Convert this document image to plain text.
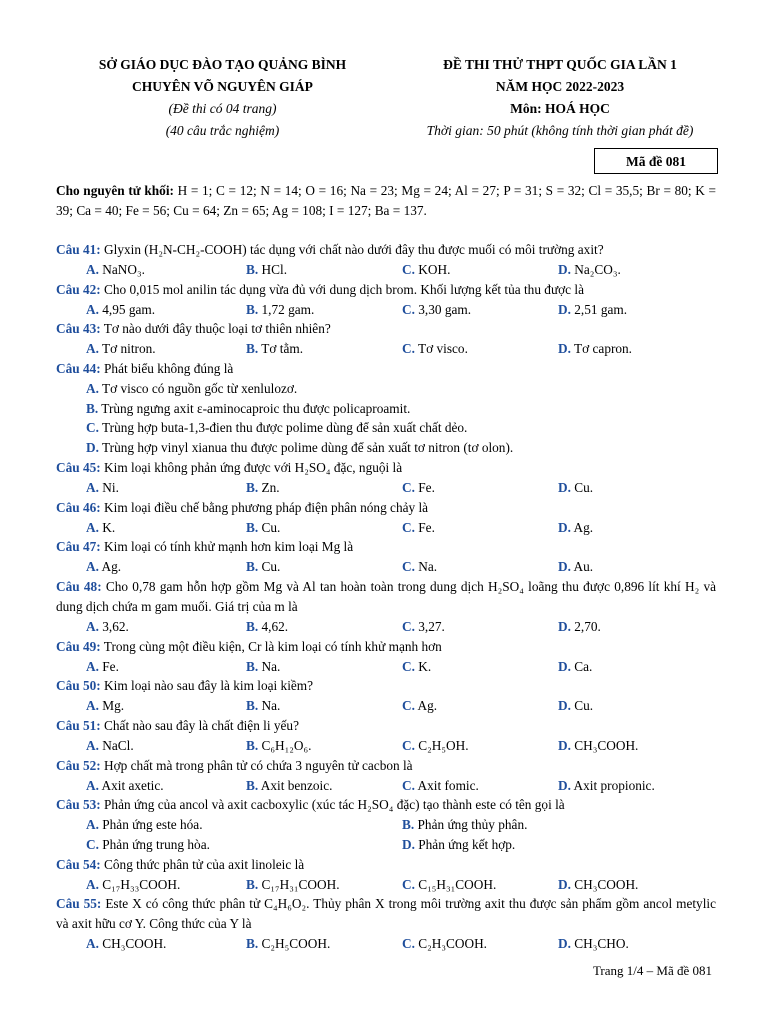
SỞ GIÁO DỤC ĐÀO TẠO QUẢNG BÌNH
CHUYÊN VÕ NGUYÊN GIÁP
(Đề thi có 04 trang)
(40 câu trắc nghiệm)
ĐỀ THI THỬ THPT QUỐC GIA LẦN 1
NĂM HỌC 2022-2023
Môn: HOÁ HỌC
Thời gian: 50 phút (không tính thời gian phát đề)
Mã đề 081
Cho nguyên tử khối: H = 1; C = 12; N = 14; O = 16; Na = 23; Mg = 24; Al = 27; P = 31; S = 32; Cl = 35,5; Br = 80; K = 39; Ca = 40; Fe = 56; Cu = 64; Zn = 65; Ag = 108; I = 127; Ba = 137.
Câu 41: Glyxin (H₂N-CH₂-COOH) tác dụng với chất nào dưới đây thu được muối có môi trường axit?
A. NaNO₃.	B. HCl.	C. KOH.	D. Na₂CO₃.
Câu 42: Cho 0,015 mol anilin tác dụng vừa đủ với dung dịch brom. Khối lượng kết tủa thu được là
A. 4,95 gam.	B. 1,72 gam.	C. 3,30 gam.	D. 2,51 gam.
Câu 43: Tơ nào dưới đây thuộc loại tơ thiên nhiên?
A. Tơ nitron.	B. Tơ tằm.	C. Tơ visco.	D. Tơ capron.
Câu 44: Phát biểu không đúng là
A. Tơ visco có nguồn gốc từ xenlulozơ.
B. Trùng ngưng axit ε-aminocaproic thu được policaproamit.
C. Trùng hợp buta-1,3-đien thu được polime dùng để sản xuất chất dẻo.
D. Trùng hợp vinyl xianua thu được polime dùng để sản xuất tơ nitron (tơ olon).
Câu 45: Kim loại không phản ứng được với H₂SO₄ đặc, nguội là
A. Ni.	B. Zn.	C. Fe.	D. Cu.
Câu 46: Kim loại điều chế bằng phương pháp điện phân nóng chảy là
A. K.	B. Cu.	C. Fe.	D. Ag.
Câu 47: Kim loại có tính khử mạnh hơn kim loại Mg là
A. Ag.	B. Cu.	C. Na.	D. Au.
Câu 48: Cho 0,78 gam hỗn hợp gồm Mg và Al tan hoàn toàn trong dung dịch H₂SO₄ loãng thu được 0,896 lít khí H₂ và dung dịch chứa m gam muối. Giá trị của m là
A. 3,62.	B. 4,62.	C. 3,27.	D. 2,70.
Câu 49: Trong cùng một điều kiện, Cr là kim loại có tính khử mạnh hơn
A. Fe.	B. Na.	C. K.	D. Ca.
Câu 50: Kim loại nào sau đây là kim loại kiềm?
A. Mg.	B. Na.	C. Ag.	D. Cu.
Câu 51: Chất nào sau đây là chất điện li yếu?
A. NaCl.	B. C₆H₁₂O₆.	C. C₂H₅OH.	D. CH₃COOH.
Câu 52: Hợp chất mà trong phân tử có chứa 3 nguyên tử cacbon là
A. Axit axetic.	B. Axit benzoic.	C. Axit fomic.	D. Axit propionic.
Câu 53: Phản ứng của ancol và axit cacboxylic (xúc tác H₂SO₄ đặc) tạo thành este có tên gọi là
A. Phản ứng este hóa.	B. Phản ứng thủy phân.
C. Phản ứng trung hòa.	D. Phản ứng kết hợp.
Câu 54: Công thức phân tử của axit linoleic là
A. C₁₇H₃₃COOH.	B. C₁₇H₃₁COOH.	C. C₁₅H₃₁COOH.	D. CH₃COOH.
Câu 55: Este X có công thức phân tử C₄H₆O₂. Thủy phân X trong môi trường axit thu được sản phẩm gồm ancol metylic và axit hữu cơ Y. Công thức của Y là
A. CH₃COOH.	B. C₂H₅COOH.	C. C₂H₃COOH.	D. CH₃CHO.
Trang 1/4 – Mã đề 081
